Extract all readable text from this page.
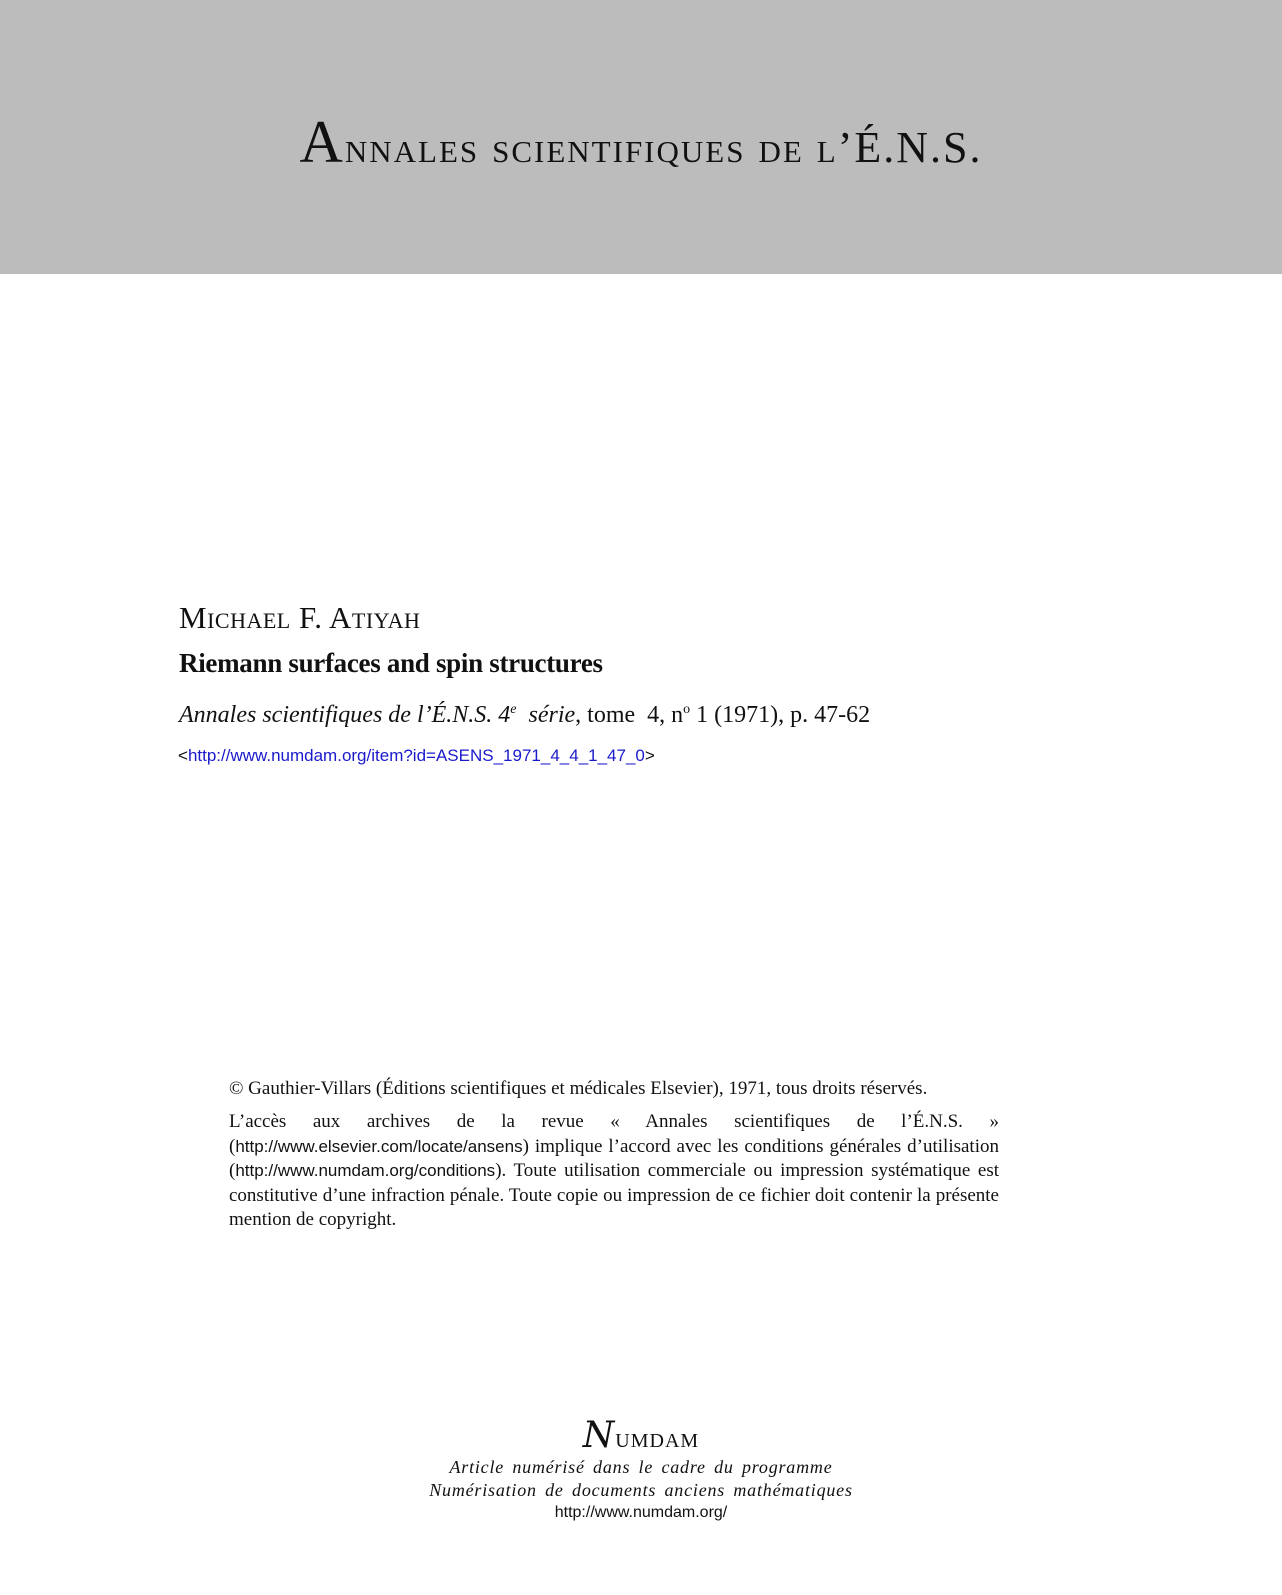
Annales scientifiques de l’É.N.S.
Michael F. Atiyah
Riemann surfaces and spin structures
Annales scientifiques de l’É.N.S. 4e série, tome  4, $n^o$ 1 (1971), p. 47-62
<http://www.numdam.org/item?id=ASENS_1971_4_4_1_47_0>

© Gauthier-Villars (Éditions scientifiques et médicales Elsevier), 1971, tous droits réservés.

L’accès aux archives de la revue « Annales scientifiques de l’É.N.S. » (http://www.elsevier.com/locate/ansens) implique l’accord avec les conditions générales d’utilisation (http://www.numdam.org/conditions). Toute utilisation commerciale ou impression systématique est constitutive d’une infraction pénale. Toute copie ou impression de ce fichier doit contenir la présente mention de copyright.

Numdam
Article numérisé dans le cadre du programme
Numérisation de documents anciens mathématiques
http://www.numdam.org/
